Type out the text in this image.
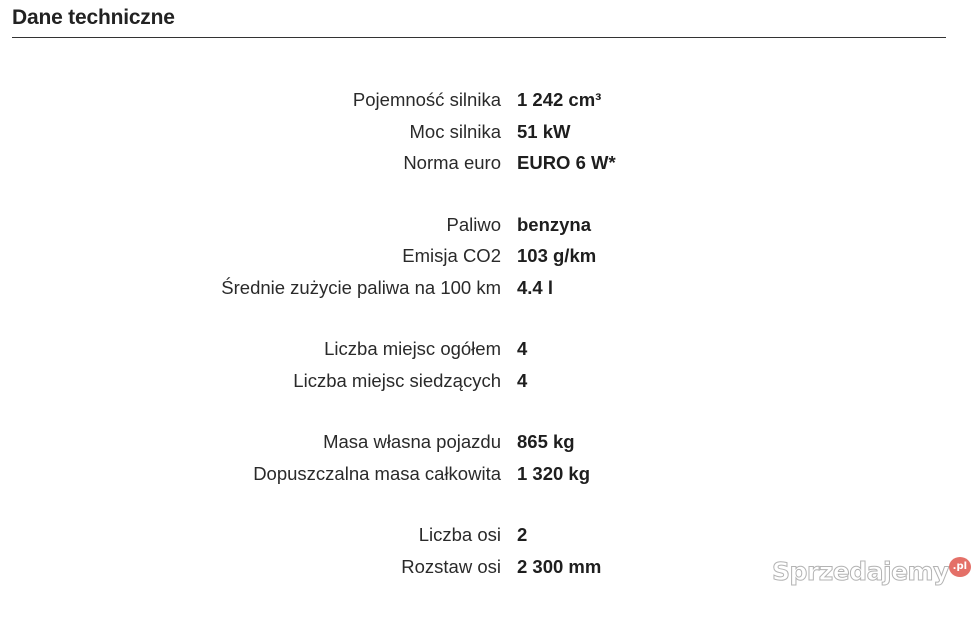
Dane techniczne
Pojemność silnika 1 242 cm³
Moc silnika 51 kW
Norma euro EURO 6 W*
Paliwo benzyna
Emisja CO2 103 g/km
Średnie zużycie paliwa na 100 km 4.4 l
Liczba miejsc ogółem 4
Liczba miejsc siedzących 4
Masa własna pojazdu 865 kg
Dopuszczalna masa całkowita 1 320 kg
Liczba osi 2
Rozstaw osi 2 300 mm	Sprzedajemy .pl
